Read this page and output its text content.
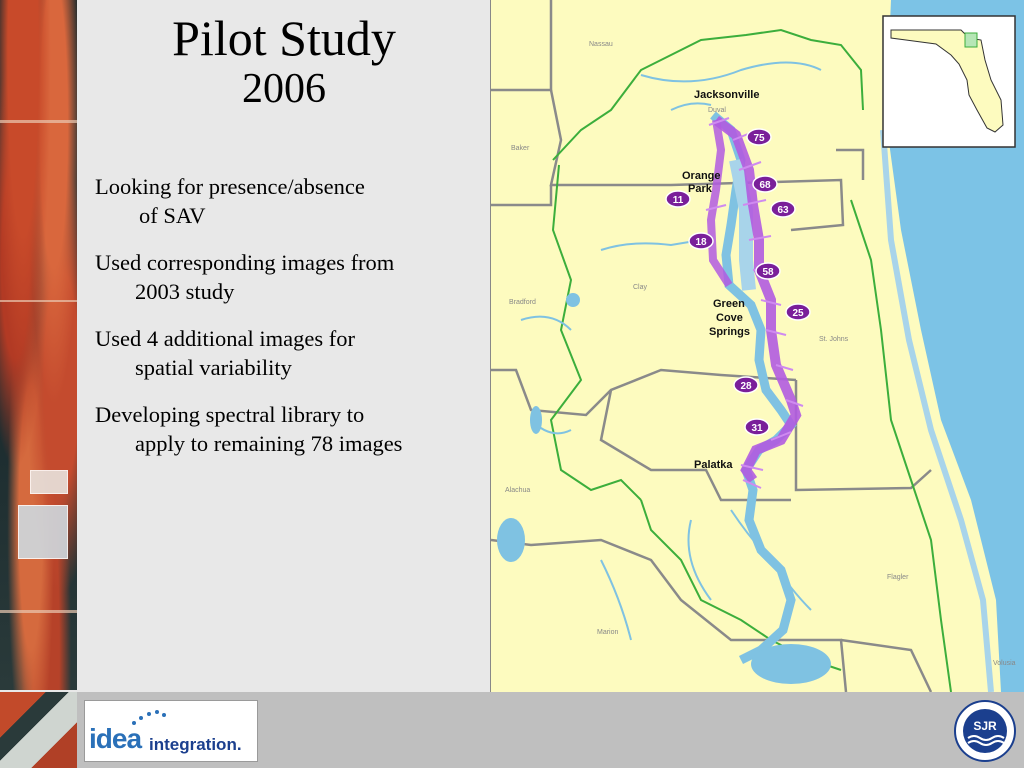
Pilot Study
2006
Looking for presence/absence
of SAV
Used corresponding images from
2003 study
Used 4 additional images for
spatial variability
Developing spectral library to
apply to remaining 78 images
75
68
63
11
18
58
25
28
31
Jacksonville
Orange
Park
Green
Cove
Springs
Palatka
Nassau
Baker
Duval
Clay
Bradford
St. Johns
Alachua
Flagler
Marion
Volusia
idea integration.
SJR
